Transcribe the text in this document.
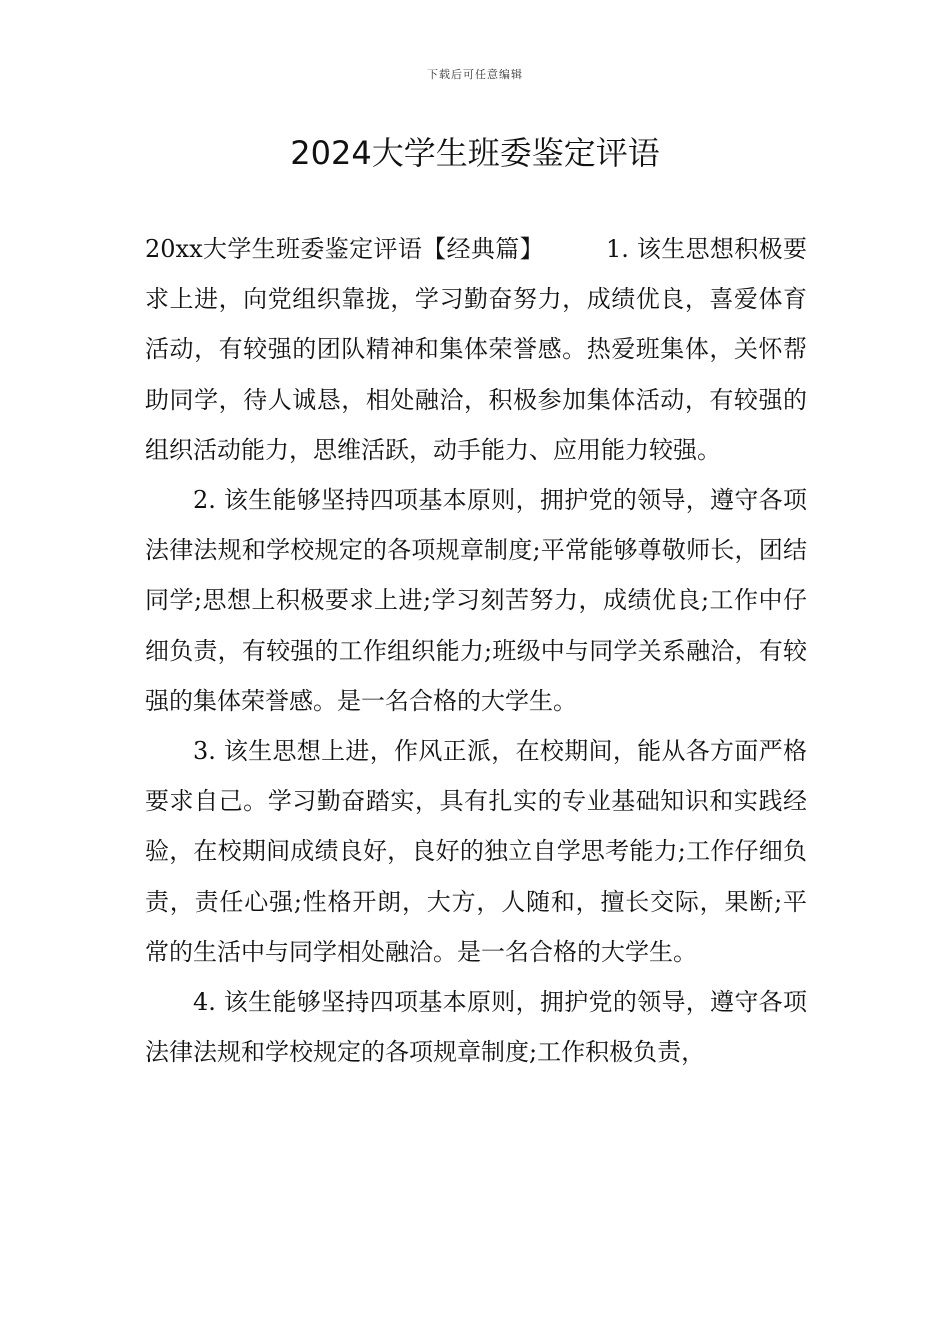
下载后可任意编辑
2024大学生班委鉴定评语

20xx大学生班委鉴定评语【经典篇】	1. 该生思想积极要求上进，向党组织靠拢，学习勤奋努力，成绩优良，喜爱体育活动，有较强的团队精神和集体荣誉感。热爱班集体，关怀帮助同学，待人诚恳，相处融洽，积极参加集体活动，有较强的组织活动能力，思维活跃，动手能力、应用能力较强。

2. 该生能够坚持四项基本原则，拥护党的领导，遵守各项法律法规和学校规定的各项规章制度;平常能够尊敬师长，团结同学;思想上积极要求上进;学习刻苦努力，成绩优良;工作中仔细负责，有较强的工作组织能力;班级中与同学关系融洽，有较强的集体荣誉感。是一名合格的大学生。

3. 该生思想上进，作风正派，在校期间，能从各方面严格要求自己。学习勤奋踏实，具有扎实的专业基础知识和实践经验，在校期间成绩良好，良好的独立自学思考能力;工作仔细负责，责任心强;性格开朗，大方，人随和，擅长交际，果断;平常的生活中与同学相处融洽。是一名合格的大学生。

4. 该生能够坚持四项基本原则，拥护党的领导，遵守各项法律法规和学校规定的各项规章制度;工作积极负责，
